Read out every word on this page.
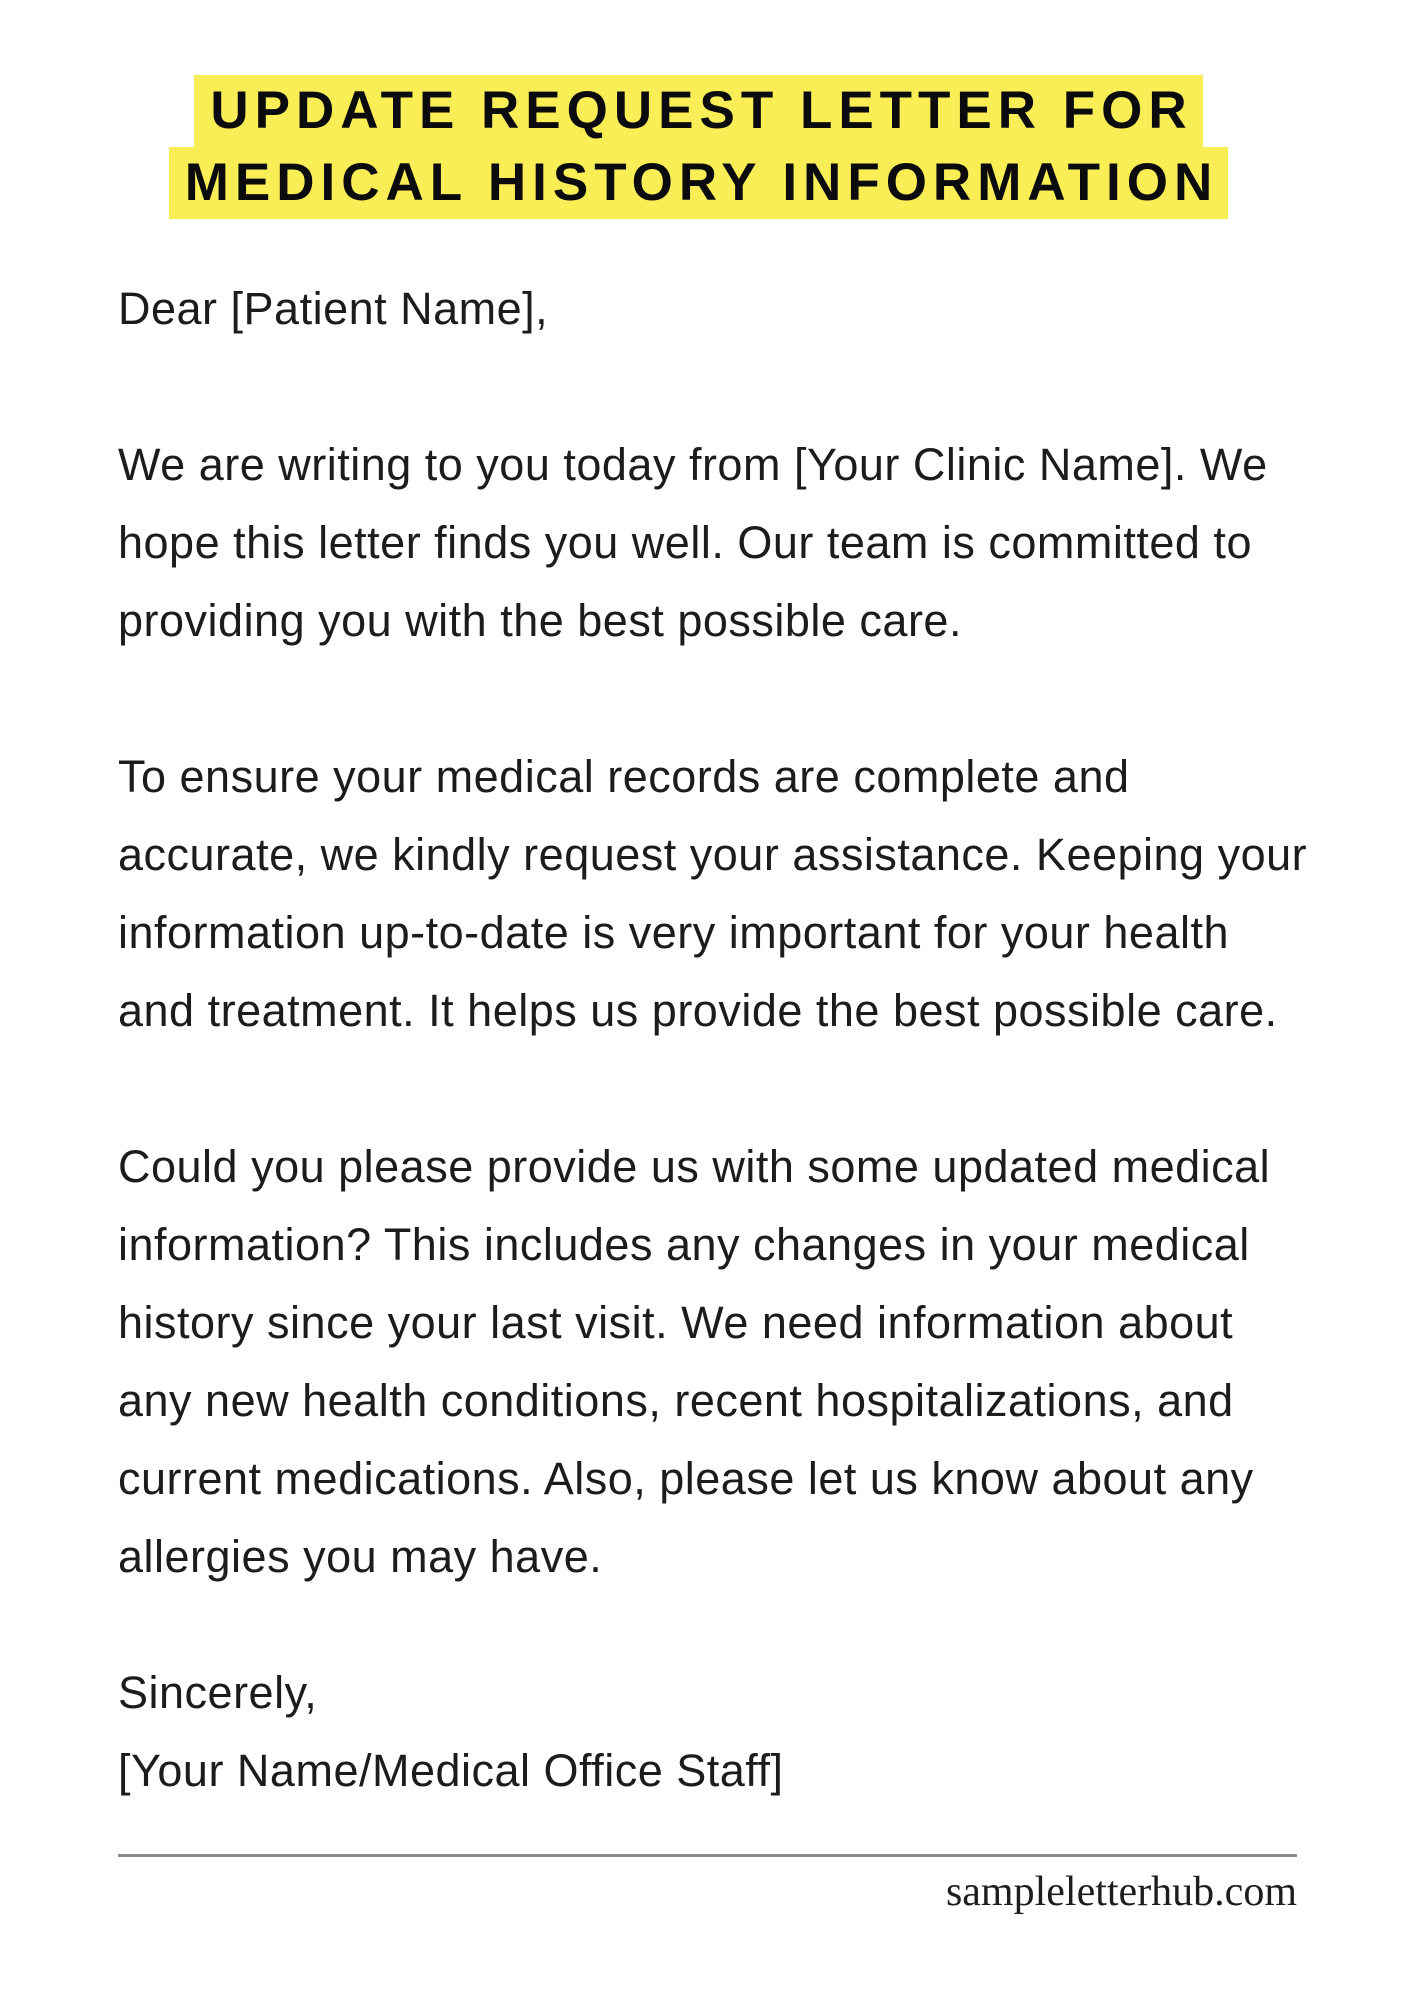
UPDATE REQUEST LETTER FOR
MEDICAL HISTORY INFORMATION
Dear [Patient Name],
We are writing to you today from [Your Clinic Name]. We
hope this letter finds you well. Our team is committed to
providing you with the best possible care.
To ensure your medical records are complete and
accurate, we kindly request your assistance. Keeping your
information up-to-date is very important for your health
and treatment. It helps us provide the best possible care.
Could you please provide us with some updated medical
information? This includes any changes in your medical
history since your last visit. We need information about
any new health conditions, recent hospitalizations, and
current medications. Also, please let us know about any
allergies you may have.
Sincerely,
[Your Name/Medical Office Staff]
sampleletterhub.com
